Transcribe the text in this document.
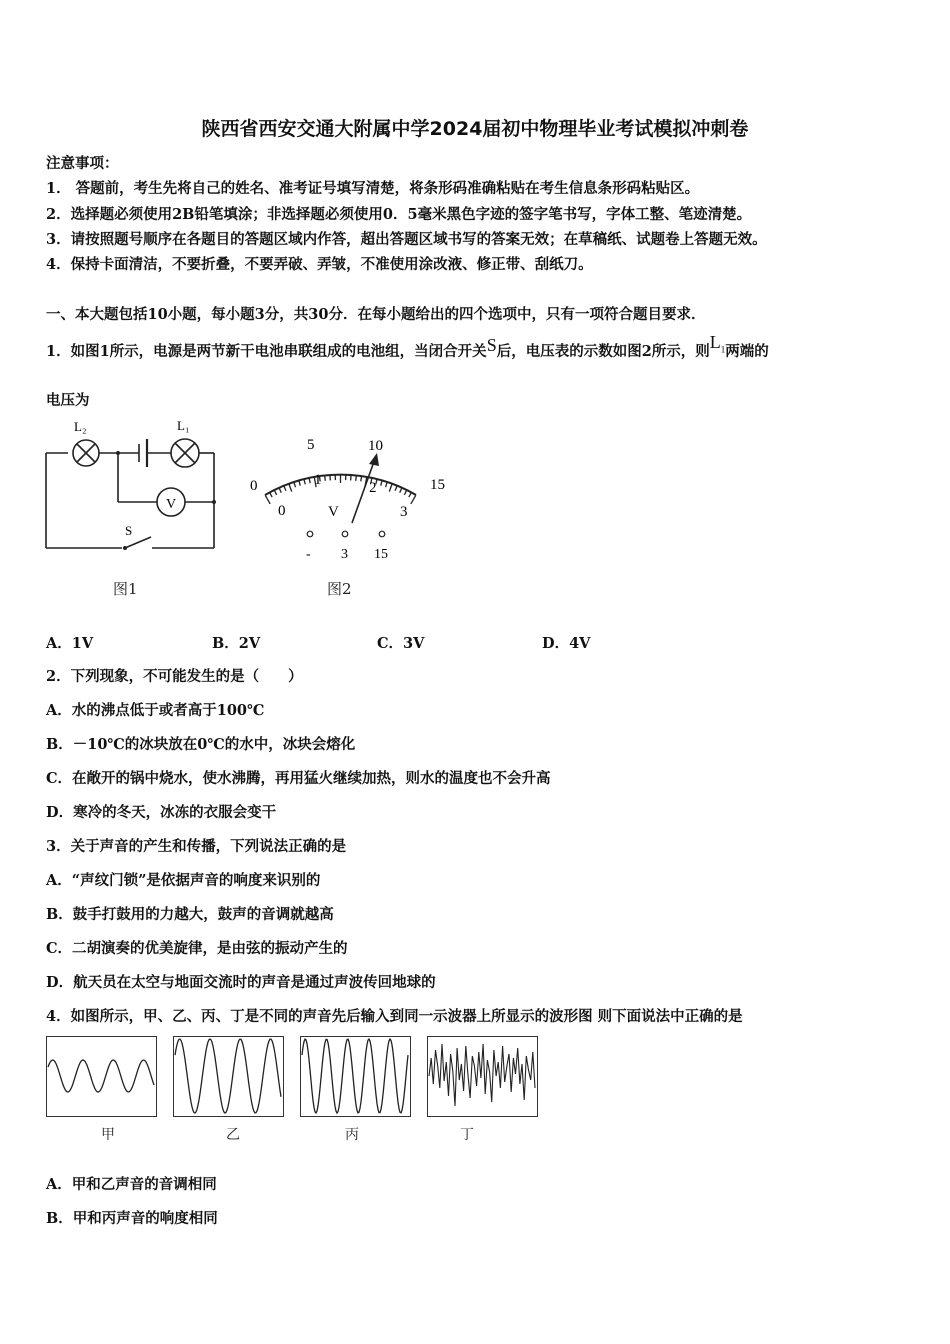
陕西省西安交通大附属中学2024届初中物理毕业考试模拟冲刺卷
注意事项：
1． 答题前，考生先将自己的姓名、准考证号填写清楚，将条形码准确粘贴在考生信息条形码粘贴区。
2．选择题必须使用2B铅笔填涂；非选择题必须使用0．5毫米黑色字迹的签字笔书写，字体工整、笔迹清楚。
3．请按照题号顺序在各题目的答题区域内作答，超出答题区域书写的答案无效；在草稿纸、试题卷上答题无效。
4．保持卡面清洁，不要折叠，不要弄破、弄皱，不准使用涂改液、修正带、刮纸刀。
一、本大题包括10小题，每小题3分，共30分．在每小题给出的四个选项中，只有一项符合题目要求．
1．如图1所示，电源是两节新干电池串联组成的电池组，当闭合开关S后，电压表的示数如图2所示，则$L_1$两端的
电压为
L₂	L₁
V
S
图1
0
5	10
15
0
1	2
3
V
- 3 15
图2
A．1V	B．2V	C．3V	D．4V
2．下列现象，不可能发生的是（　　）
A．水的沸点低于或者高于100℃
B．－10℃的冰块放在0℃的水中，冰块会熔化
C．在敞开的锅中烧水，使水沸腾，再用猛火继续加热，则水的温度也不会升高
D．寒冷的冬天，冰冻的衣服会变干
3．关于声音的产生和传播，下列说法正确的是
A．“声纹门锁”是依据声音的响度来识别的
B．鼓手打鼓用的力越大，鼓声的音调就越高
C．二胡演奏的优美旋律，是由弦的振动产生的
D．航天员在太空与地面交流时的声音是通过声波传回地球的
4．如图所示，甲、乙、丙、丁是不同的声音先后输入到同一示波器上所显示的波形图 则下面说法中正确的是
甲	乙	丙	丁
A．甲和乙声音的音调相同
B．甲和丙声音的响度相同
